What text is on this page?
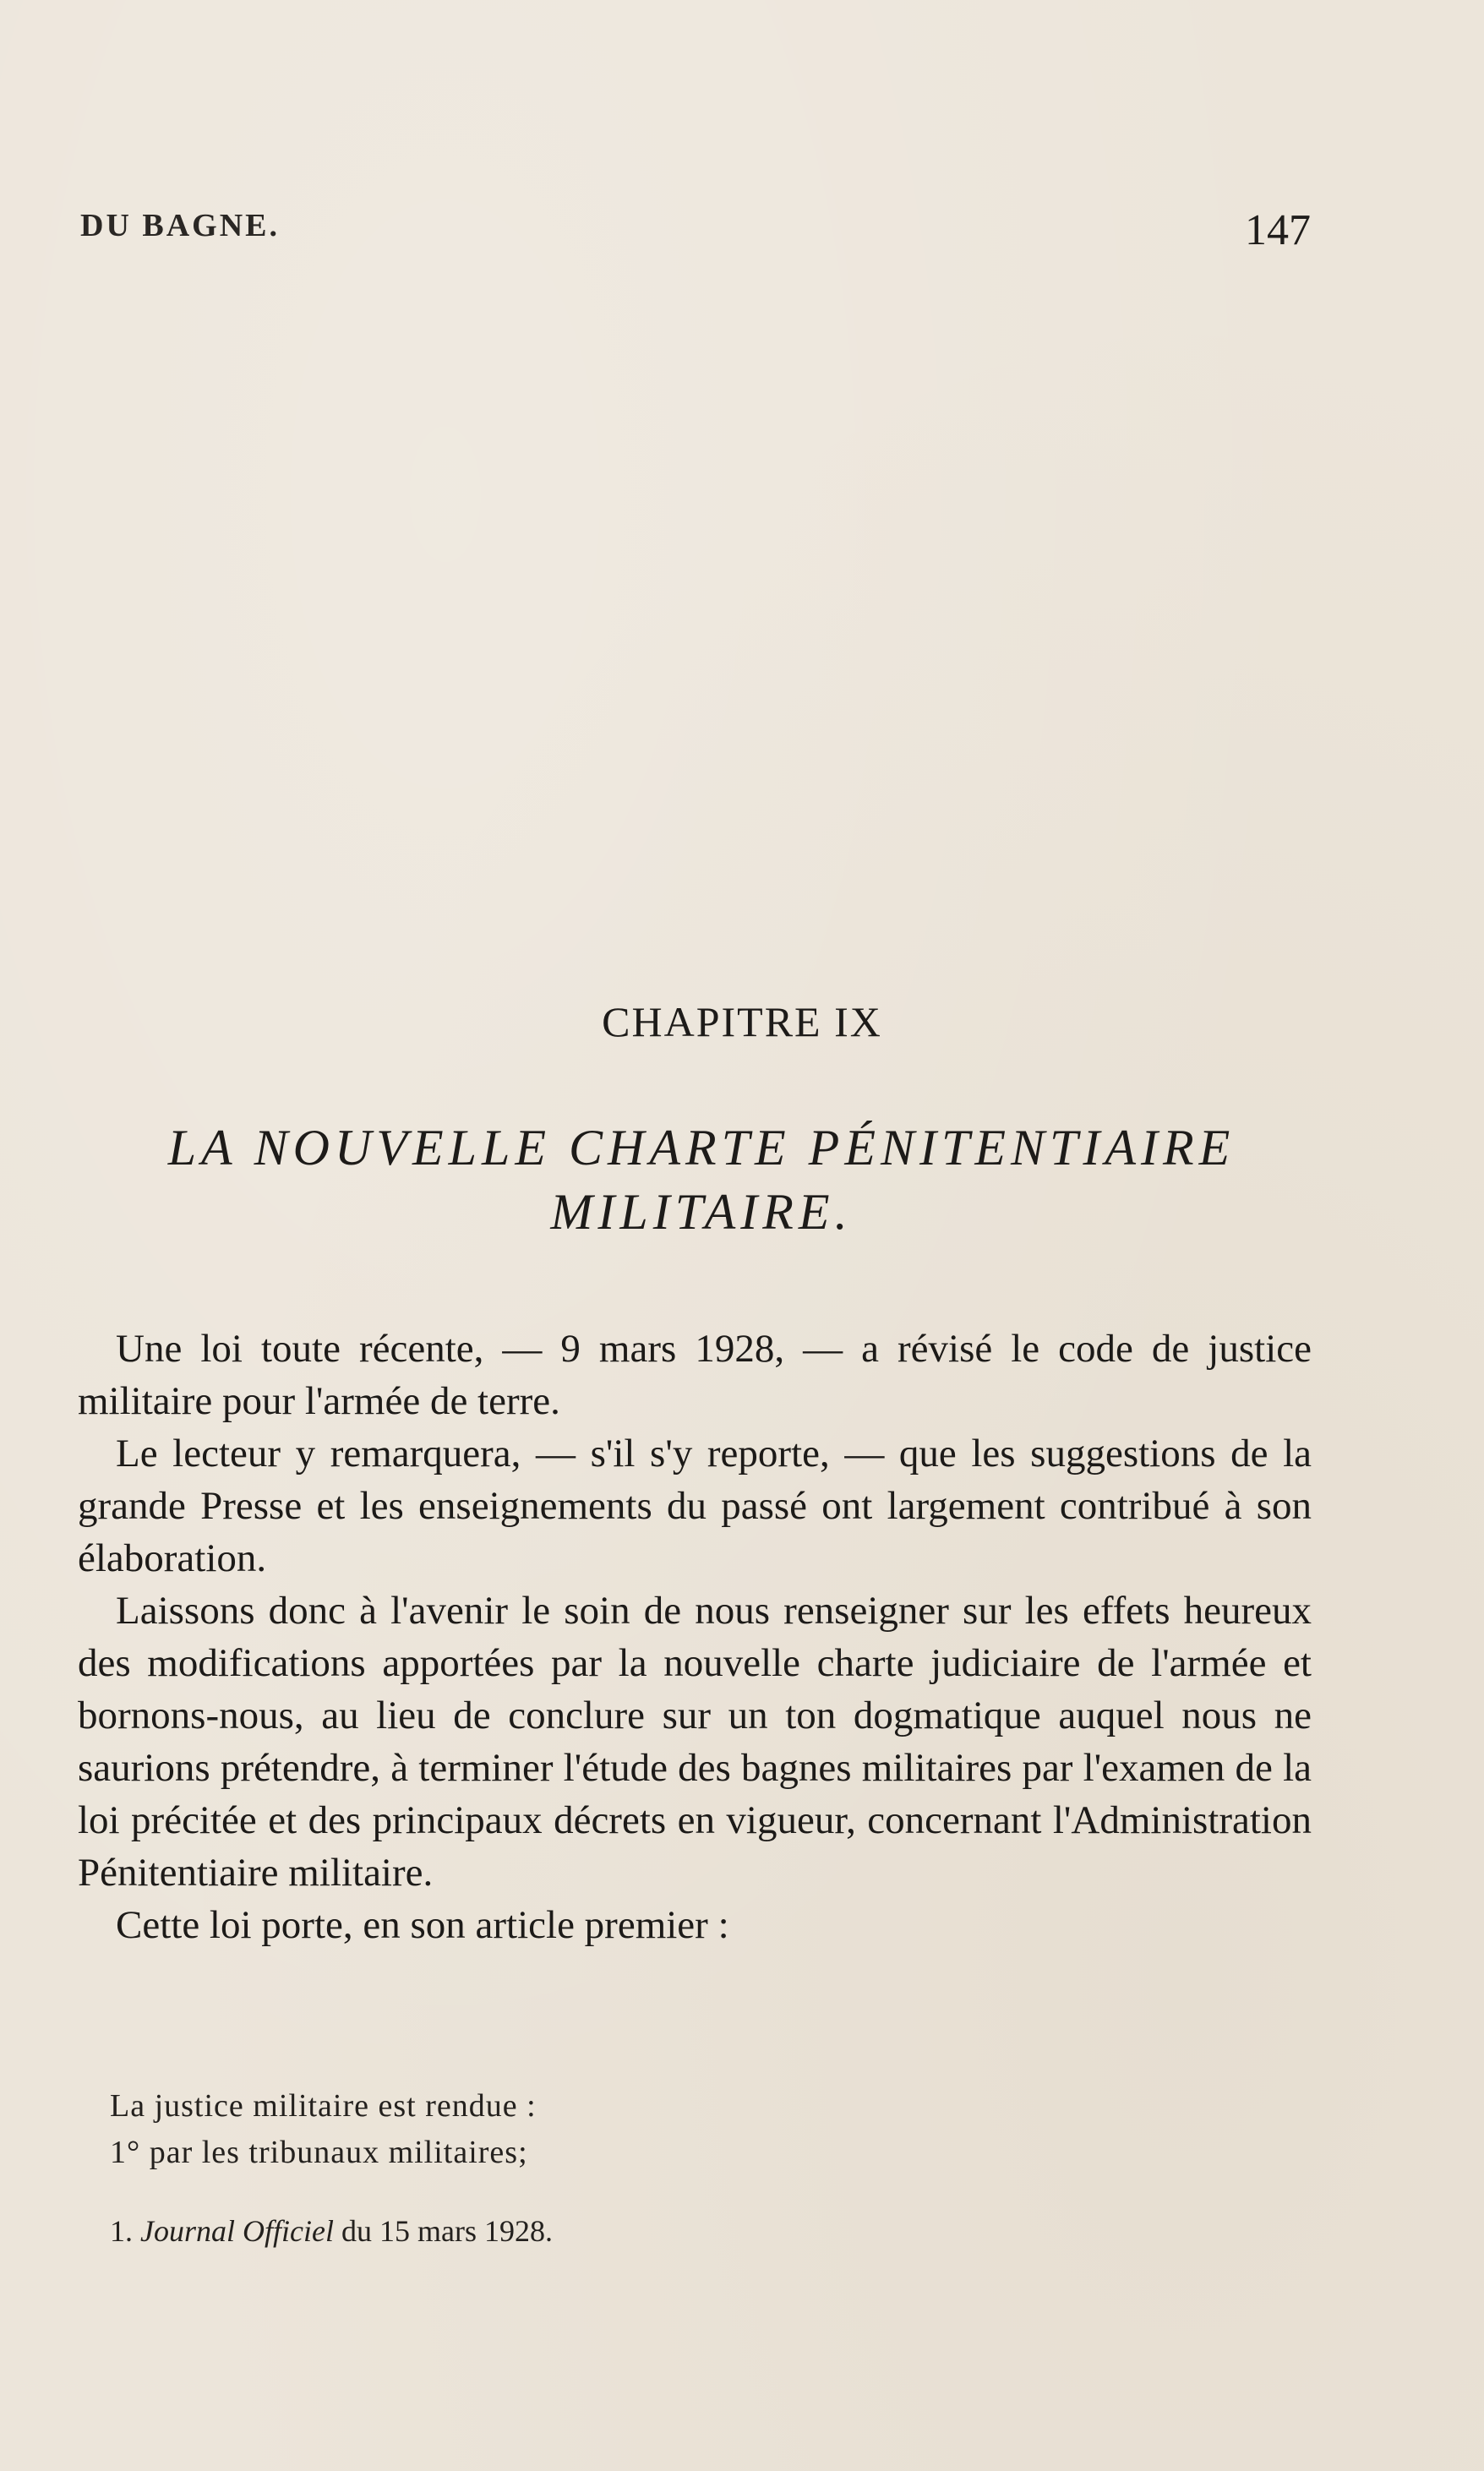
DU BAGNE.	147
CHAPITRE IX
LA NOUVELLE CHARTE PÉNITENTIAIRE
MILITAIRE.

Une loi toute récente, — 9 mars 1928, — a révisé le code de justice militaire pour l'armée de terre.

Le lecteur y remarquera, — s'il s'y reporte, — que les suggestions de la grande Presse et les enseignements du passé ont largement contribué à son élaboration.

Laissons donc à l'avenir le soin de nous renseigner sur les effets heureux des modifications apportées par la nouvelle charte judiciaire de l'armée et bornons-nous, au lieu de conclure sur un ton dogmatique auquel nous ne saurions prétendre, à terminer l'étude des bagnes militaires par l'examen de la loi précitée et des principaux décrets en vigueur, concernant l'Administration Pénitentiaire militaire.

Cette loi porte, en son article premier :

La justice militaire est rendue :
1° par les tribunaux militaires;
1. Journal Officiel du 15 mars 1928.
